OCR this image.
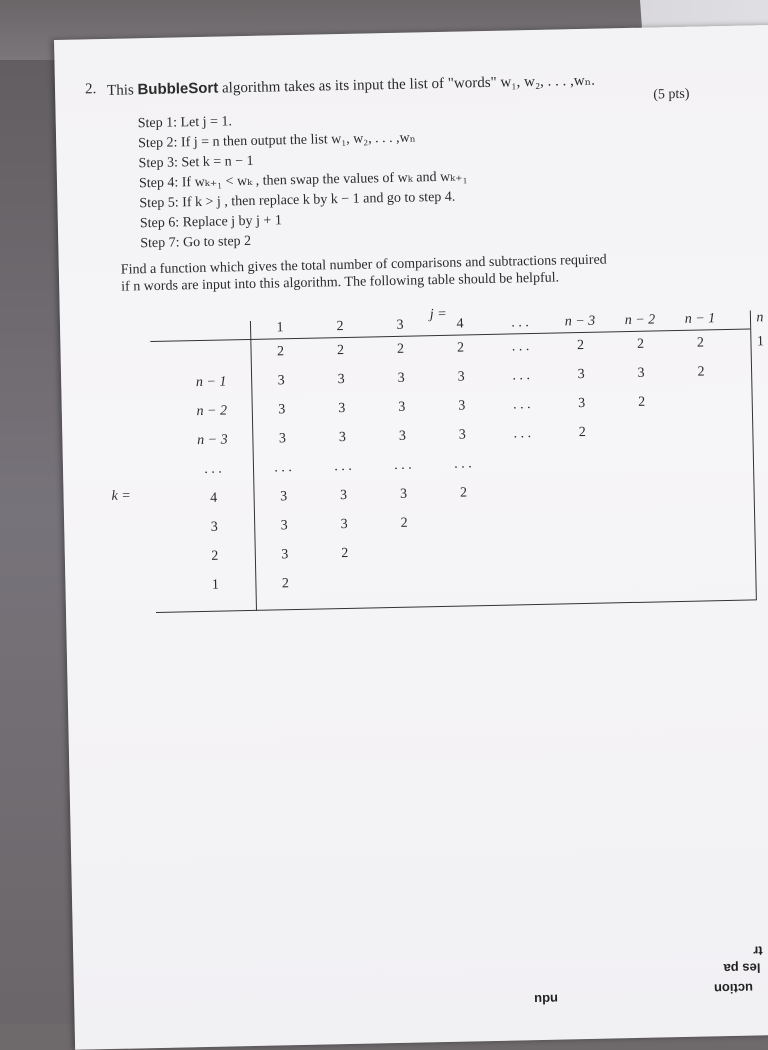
2. This BubbleSort algorithm takes as its input the list of "words" w₁, w₂, . . . ,wₙ.	(5 pts)
Step 1: Let j = 1.
Step 2: If j = n then output the list w₁, w₂, . . . ,wₙ
Step 3: Set k = n − 1
Step 4: If wₖ₊₁ < wₖ , then swap the values of wₖ and wₖ₊₁
Step 5: If k > j , then replace k by k − 1 and go to step 4.
Step 6: Replace j by j + 1
Step 7: Go to step 2
Find a function which gives the total number of comparisons and subtractions required
if n words are input into this algorithm. The following table should be helpful.
j =
k =
1	2	3	4	. . .	n − 3	n − 2	n − 1	n
2	2	2	2	. . .	2	2	2	1
n − 1	3	3	3	3	. . .	3	3	2
n − 2	3	3	3	3	. . .	3	2
n − 3	3	3	3	3	. . .	2
. . .	. . .	. . .	. . .	. . .
4	3	3	3	2
3	3	3	2
2	3	2
1	2
uction
les pa
tr
ndu
